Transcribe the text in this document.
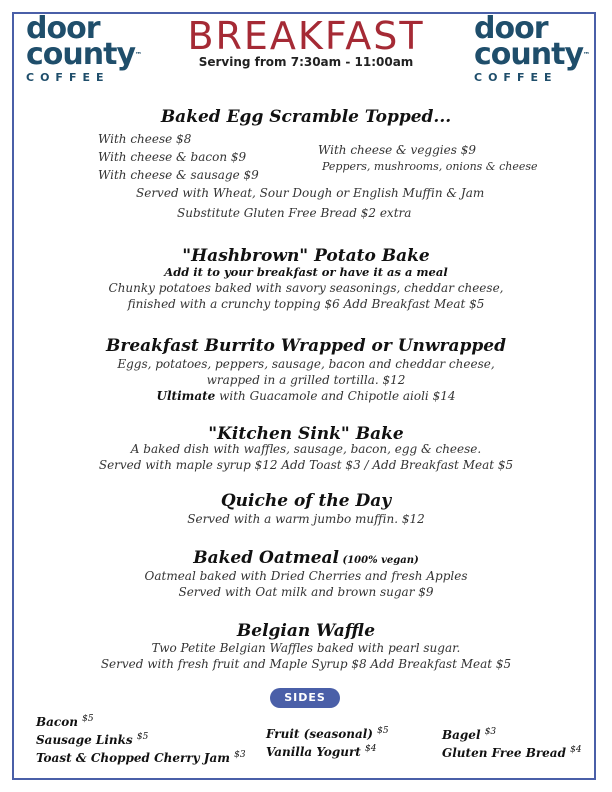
door
county™
COFFEE
door
county™
COFFEE
BREAKFAST
Serving from 7:30am - 11:00am
Baked Egg Scramble Topped...
With cheese $8
With cheese & bacon $9
With cheese & sausage $9
With cheese & veggies $9
Peppers, mushrooms, onions & cheese
Served with Wheat, Sour Dough or English Muffin & Jam
Substitute Gluten Free Bread $2 extra
"Hashbrown" Potato Bake
Add it to your breakfast or have it as a meal
Chunky potatoes baked with savory seasonings, cheddar cheese,
finished with a crunchy topping $6 Add Breakfast Meat $5
Breakfast Burrito Wrapped or Unwrapped
Eggs, potatoes, peppers, sausage, bacon and cheddar cheese,
wrapped in a grilled tortilla. $12
Ultimate with Guacamole and Chipotle aioli $14
"Kitchen Sink" Bake
A baked dish with waffles, sausage, bacon, egg & cheese.
Served with maple syrup $12 Add Toast $3 / Add Breakfast Meat $5
Quiche of the Day
Served with a warm jumbo muffin. $12
Baked Oatmeal (100% vegan)
Oatmeal baked with Dried Cherries and fresh Apples
Served with Oat milk and brown sugar $9
Belgian Waffle
Two Petite Belgian Waffles baked with pearl sugar.
Served with fresh fruit and Maple Syrup $8 Add Breakfast Meat $5
SIDES
Bacon $^{\$5}$
Sausage Links $^{\$5}$
Toast & Chopped Cherry Jam $^{\$3}$
Fruit (seasonal) $^{\$5}$
Vanilla Yogurt $^{\$4}$
Bagel $^{\$3}$
Gluten Free Bread $^{\$4}$
